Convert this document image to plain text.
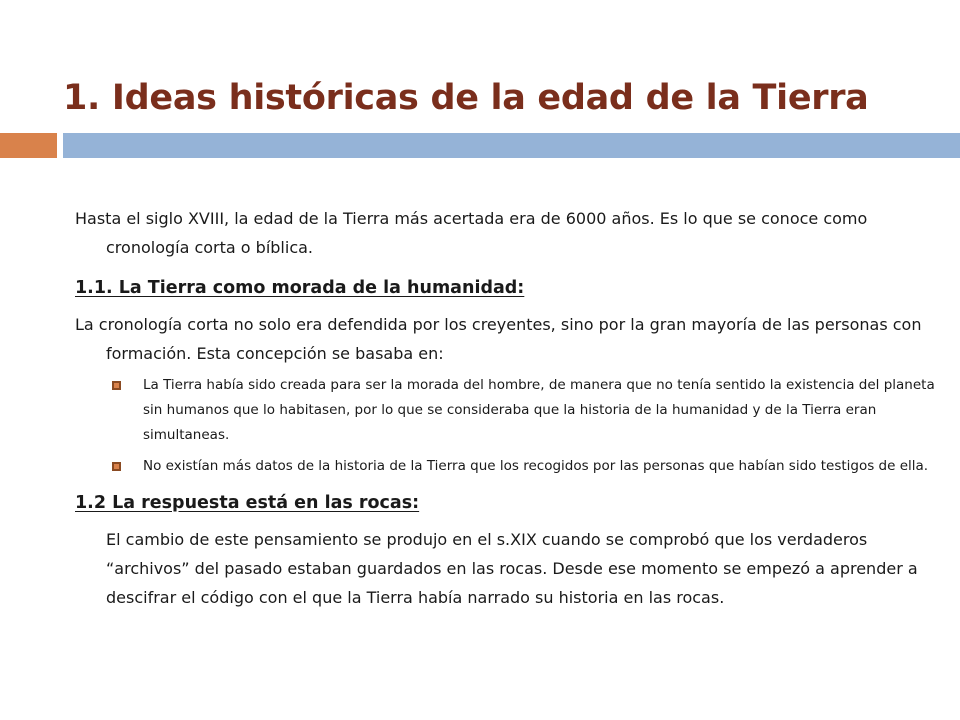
1. Ideas históricas de la edad de la Tierra

Hasta el siglo XVIII, la edad de la Tierra más acertada era de 6000 años. Es lo que se conoce como cronología corta o bíblica.

1.1. La Tierra como morada de la humanidad:

La cronología corta no solo era defendida por los creyentes, sino por la gran mayoría de las personas con formación. Esta concepción se basaba en:

La Tierra había sido creada para ser la morada del hombre, de manera que no tenía sentido la existencia del planeta sin humanos que lo habitasen, por lo que se consideraba que la historia de la humanidad y de la Tierra eran simultaneas.
No existían más datos de la historia de la Tierra que los recogidos por las personas que habían sido testigos de ella.
1.2 La respuesta está en las rocas:

El cambio de este pensamiento se produjo en el s.XIX cuando se comprobó que los verdaderos “archivos” del pasado estaban guardados en las rocas. Desde ese momento se empezó a aprender a descifrar el código con el que la Tierra había narrado su historia en las rocas.
